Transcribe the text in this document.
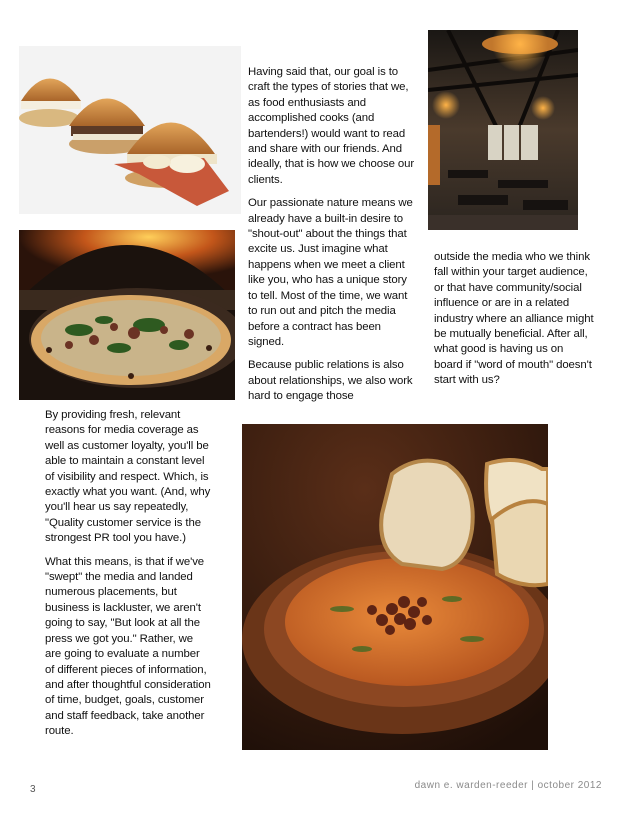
Having said that, our goal is to craft the types of stories that we, as food enthusiasts and accomplished cooks (and bartenders!) would want to read and share with our friends. And ideally, that is how we choose our clients.

Our passionate nature means we already have a built-in desire to "shout-out" about the things that excite us. Just imagine what happens when we meet a client like you, who has a unique story to tell. Most of the time, we want to run out and pitch the media before a contract has been signed.

Because public relations is also about relationships, we also work hard to engage those

outside the media who we think fall within your target audience, or that have community/social influence or are in a related industry where an alliance might be mutually beneficial. After all, what good is having us on board if "word of mouth" doesn't start with us?

By providing fresh, relevant reasons for media coverage as well as customer loyalty, you'll be able to maintain a constant level of visibility and respect. Which, is exactly what you want. (And, why you'll hear us say repeatedly, "Quality customer service is the strongest PR tool you have.)

What this means, is that if we've "swept" the media and landed numerous placements, but business is lackluster, we aren't going to say, "But look at all the press we got you." Rather, we are going to evaluate a number of different pieces of information, and after thoughtful consideration of time, budget, goals, customer and staff feedback, take another route.

3	dawn e. warden-reeder | october 2012
